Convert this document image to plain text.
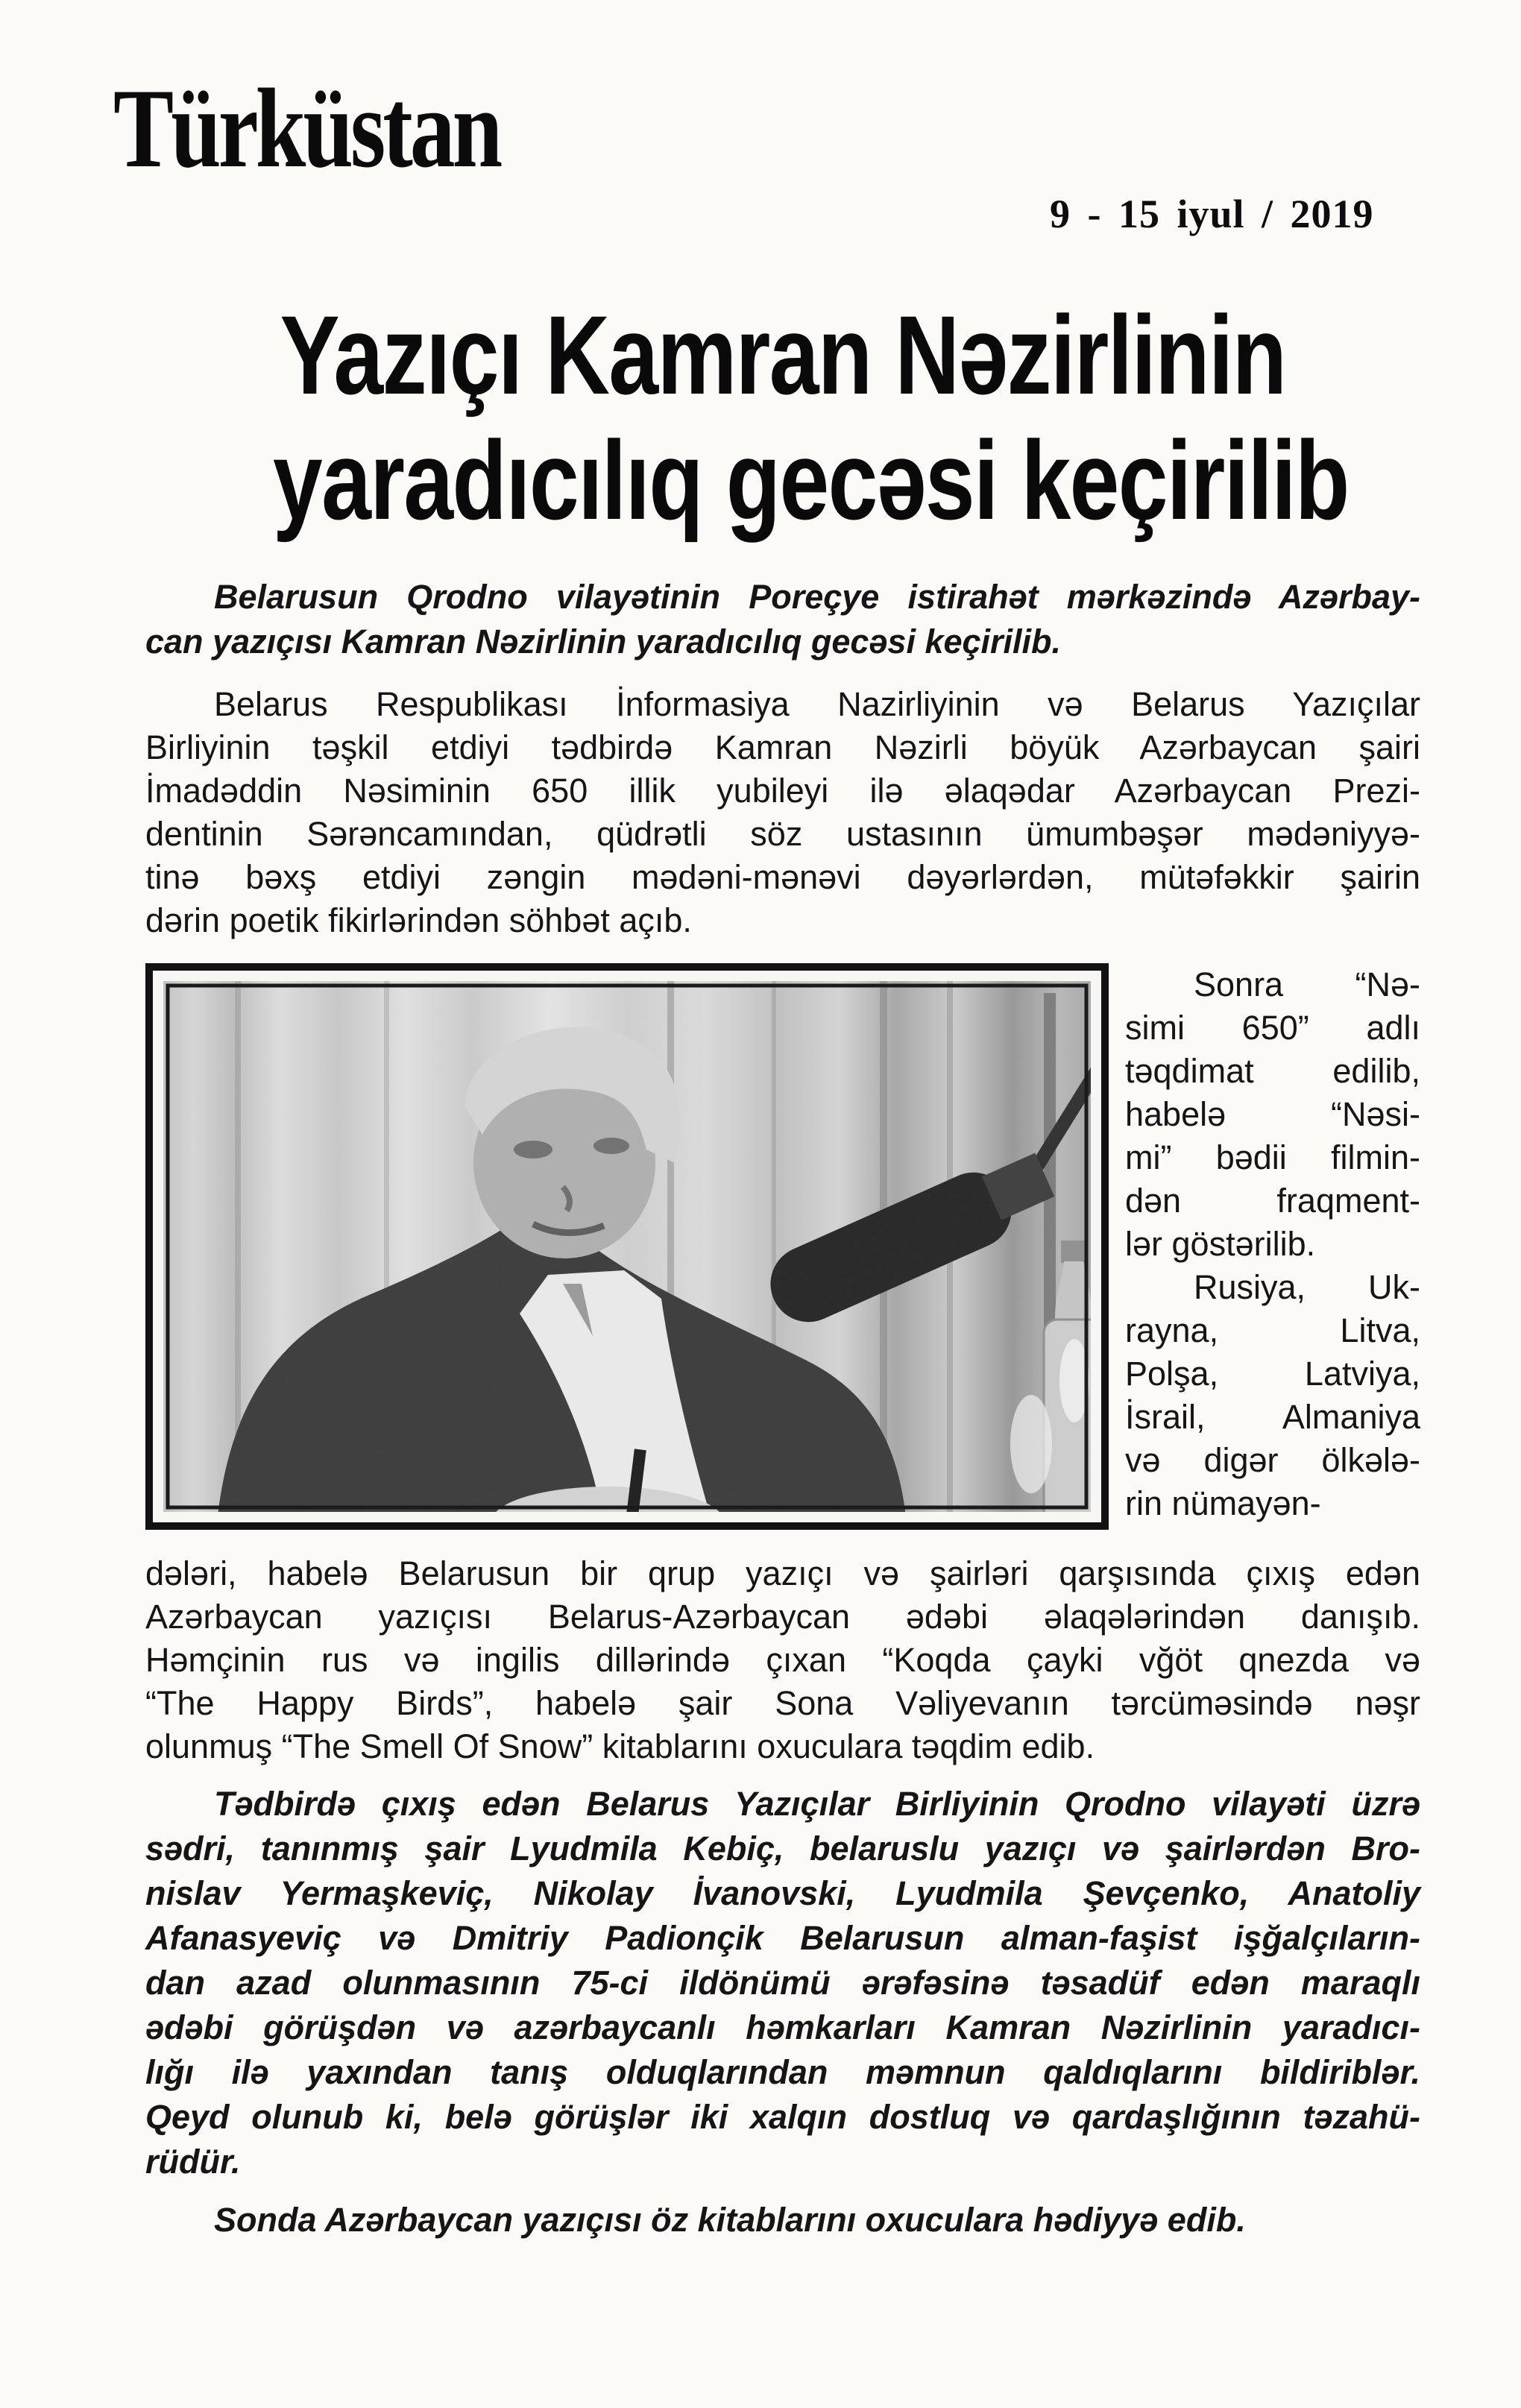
Türküstan
9 - 15 iyul / 2019
Yazıçı Kamran Nəzirlinin
yaradıcılıq gecəsi keçirilib
Belarusun Qrodno vilayətinin Poreçye istirahət mərkəzində Azərbay-
can yazıçısı Kamran Nəzirlinin yaradıcılıq gecəsi keçirilib.
Belarus Respublikası İnformasiya Nazirliyinin və Belarus Yazıçılar
Birliyinin təşkil etdiyi tədbirdə Kamran Nəzirli böyük Azərbaycan şairi
İmadəddin Nəsiminin 650 illik yubileyi ilə əlaqədar Azərbaycan Prezi-
dentinin Sərəncamından, qüdrətli söz ustasının ümumbəşər mədəniyyə-
tinə bəxş etdiyi zəngin mədəni-mənəvi dəyərlərdən, mütəfəkkir şairin
dərin poetik fikirlərindən söhbət açıb.
Sonra “Nə-
simi 650” adlı
təqdimat edilib,
habelə “Nəsi-
mi” bədii filmin-
dən fraqment-
lər göstərilib.
Rusiya, Uk-
rayna, Litva,
Polşa, Latviya,
İsrail, Almaniya
və digər ölkələ-
rin nümayən-
dələri, habelə Belarusun bir qrup yazıçı və şairləri qarşısında çıxış edən
Azərbaycan yazıçısı Belarus-Azərbaycan ədəbi əlaqələrindən danışıb.
Həmçinin rus və ingilis dillərində çıxan “Koqda çayki vğöt qnezda və
“The Happy Birds”, habelə şair Sona Vəliyevanın tərcüməsində nəşr
olunmuş “The Smell Of Snow” kitablarını oxuculara təqdim edib.
Tədbirdə çıxış edən Belarus Yazıçılar Birliyinin Qrodno vilayəti üzrə
sədri, tanınmış şair Lyudmila Kebiç, belaruslu yazıçı və şairlərdən Bro-
nislav Yermaşkeviç, Nikolay İvanovski, Lyudmila Şevçenko, Anatoliy
Afanasyeviç və Dmitriy Padionçik Belarusun alman-faşist işğalçıların-
dan azad olunmasının 75-ci ildönümü ərəfəsinə təsadüf edən maraqlı
ədəbi görüşdən və azərbaycanlı həmkarları Kamran Nəzirlinin yaradıcı-
lığı ilə yaxından tanış olduqlarından məmnun qaldıqlarını bildiriblər.
Qeyd olunub ki, belə görüşlər iki xalqın dostluq və qardaşlığının təzahü-
rüdür.
Sonda Azərbaycan yazıçısı öz kitablarını oxuculara hədiyyə edib.
